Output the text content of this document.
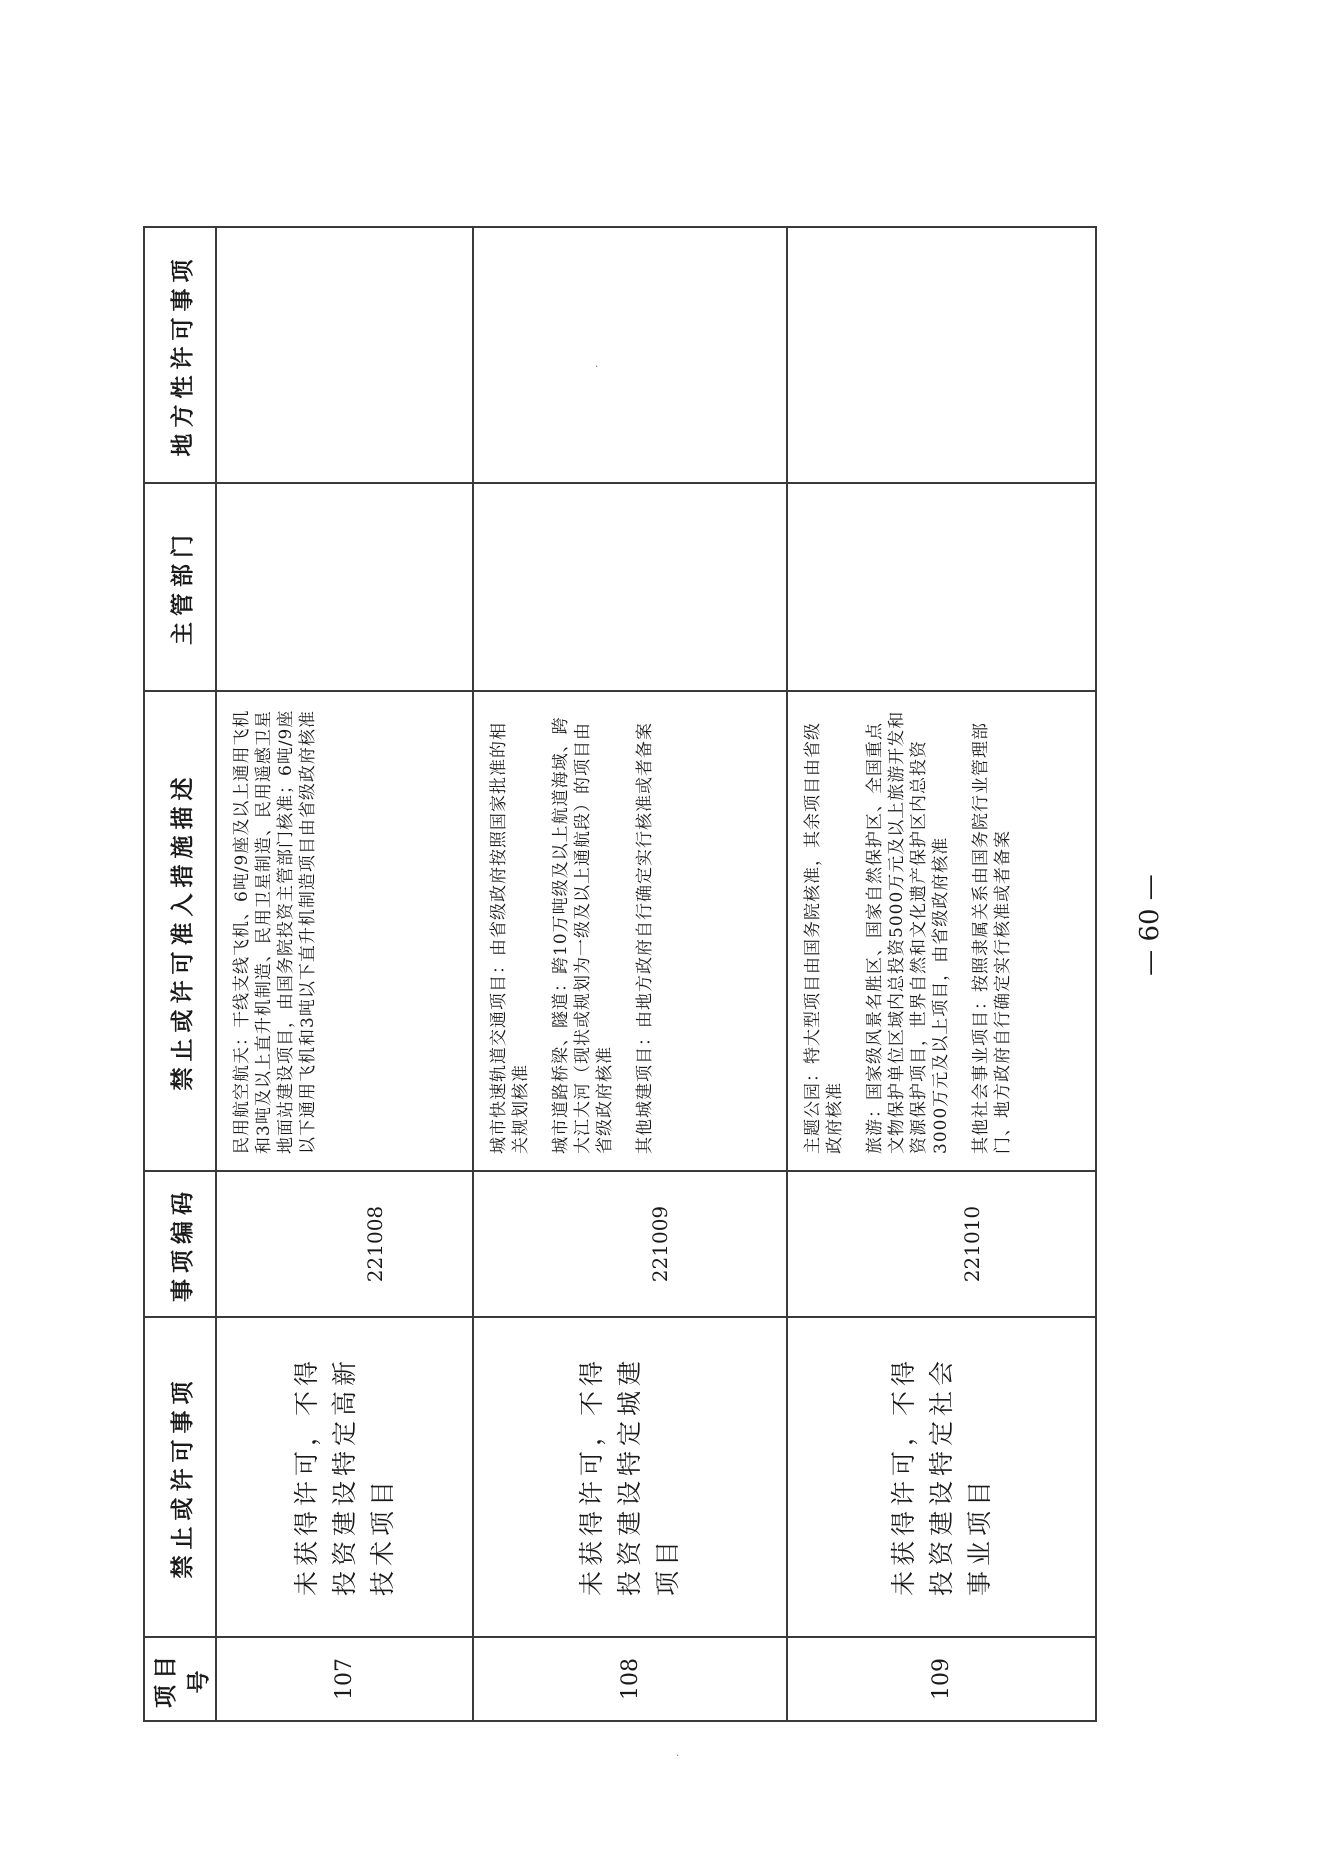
项目号	禁止或许可事项	事项编码	禁止或许可准入措施描述	主管部门	地方性许可事项
107	未获得许可，不得投资建设特定高新技术项目	221008	民用航空航天：干线支线飞机、6吨/9座及以上通用飞机和3吨及以上直升机制造、民用卫星制造、民用遥感卫星地面站建设项目，由国务院投资主管部门核准；6吨/9座以下通用飞机和3吨以下直升机制造项目由省级政府核准		

108	未获得许可，不得投资建设特定城建项目	221009	城市快速轨道交通项目：由省级政府按照国家批准的相关规划核准 城市道路桥梁、隧道：跨10万吨级及以上航道海域、跨大江大河（现状或规划为一级及以上通航段）的项目由省级政府核准 其他城建项目：由地方政府自行确定实行核准或者备案		

109	未获得许可，不得投资建设特定社会事业项目	221010	主题公园：特大型项目由国务院核准，其余项目由省级政府核准 旅游：国家级风景名胜区、国家自然保护区、全国重点文物保护单位区域内总投资5000万元及以上旅游开发和资源保护项目，世界自然和文化遗产保护区内总投资3000万元及以上项目，由省级政府核准 其他社会事业项目：按照隶属关系由国务院行业管理部门、地方政府自行确定实行核准或者备案		

			— 60 —
·
·
